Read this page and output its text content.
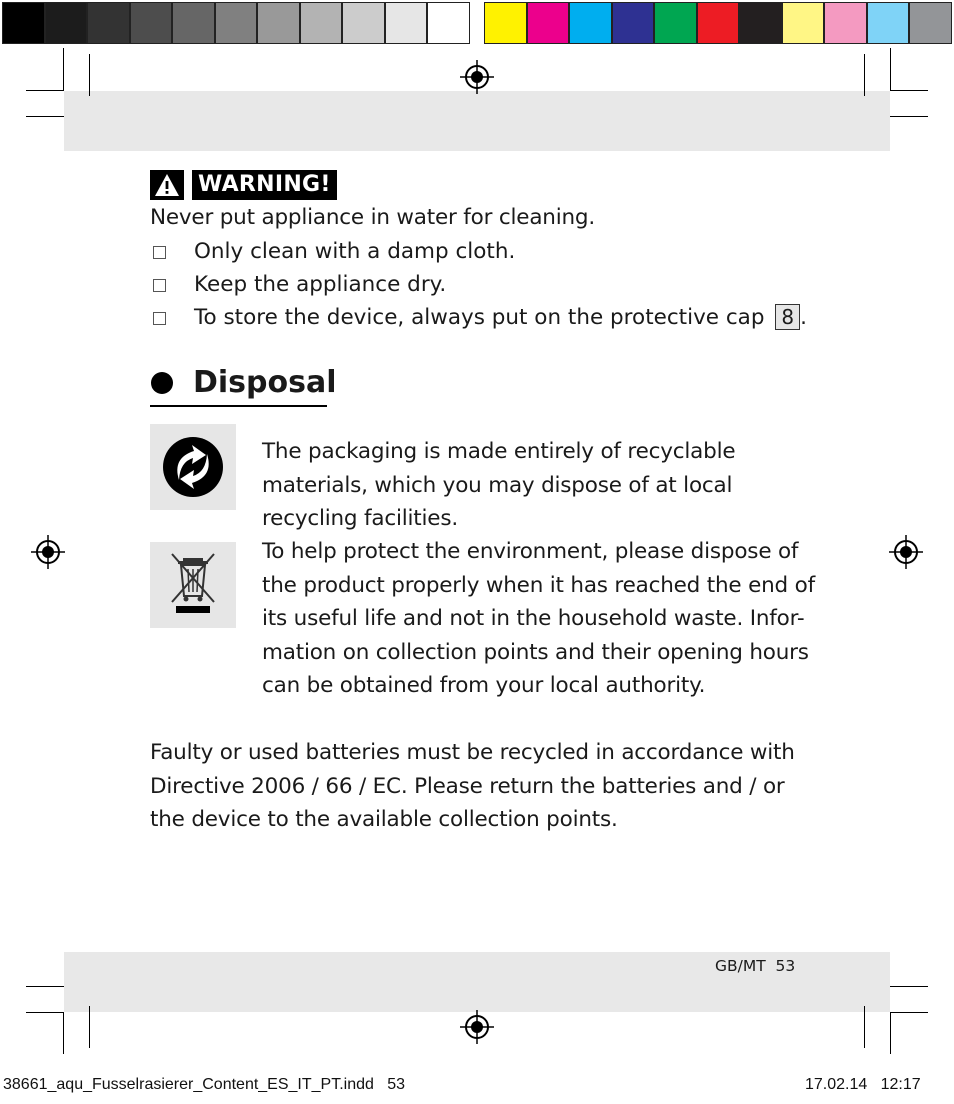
WARNING!
Never put appliance in water for cleaning.
Only clean with a damp cloth.
Keep the appliance dry.
To store the device, always put on the protective cap 8 .
Disposal
The packaging is made entirely of recyclable materials, which you may dispose of at local recycling facilities.
To help protect the environment, please dispose of
the product properly when it has reached the end of
its useful life and not in the household waste. Infor-
mation on collection points and their opening hours
can be obtained from your local authority.
Faulty or used batteries must be recycled in accordance with
Directive 2006 / 66 / EC. Please return the batteries and / or
the device to the available collection points.
GB/MT  53
38661_aqu_Fusselrasierer_Content_ES_IT_PT.indd   53	17.02.14   12:17
